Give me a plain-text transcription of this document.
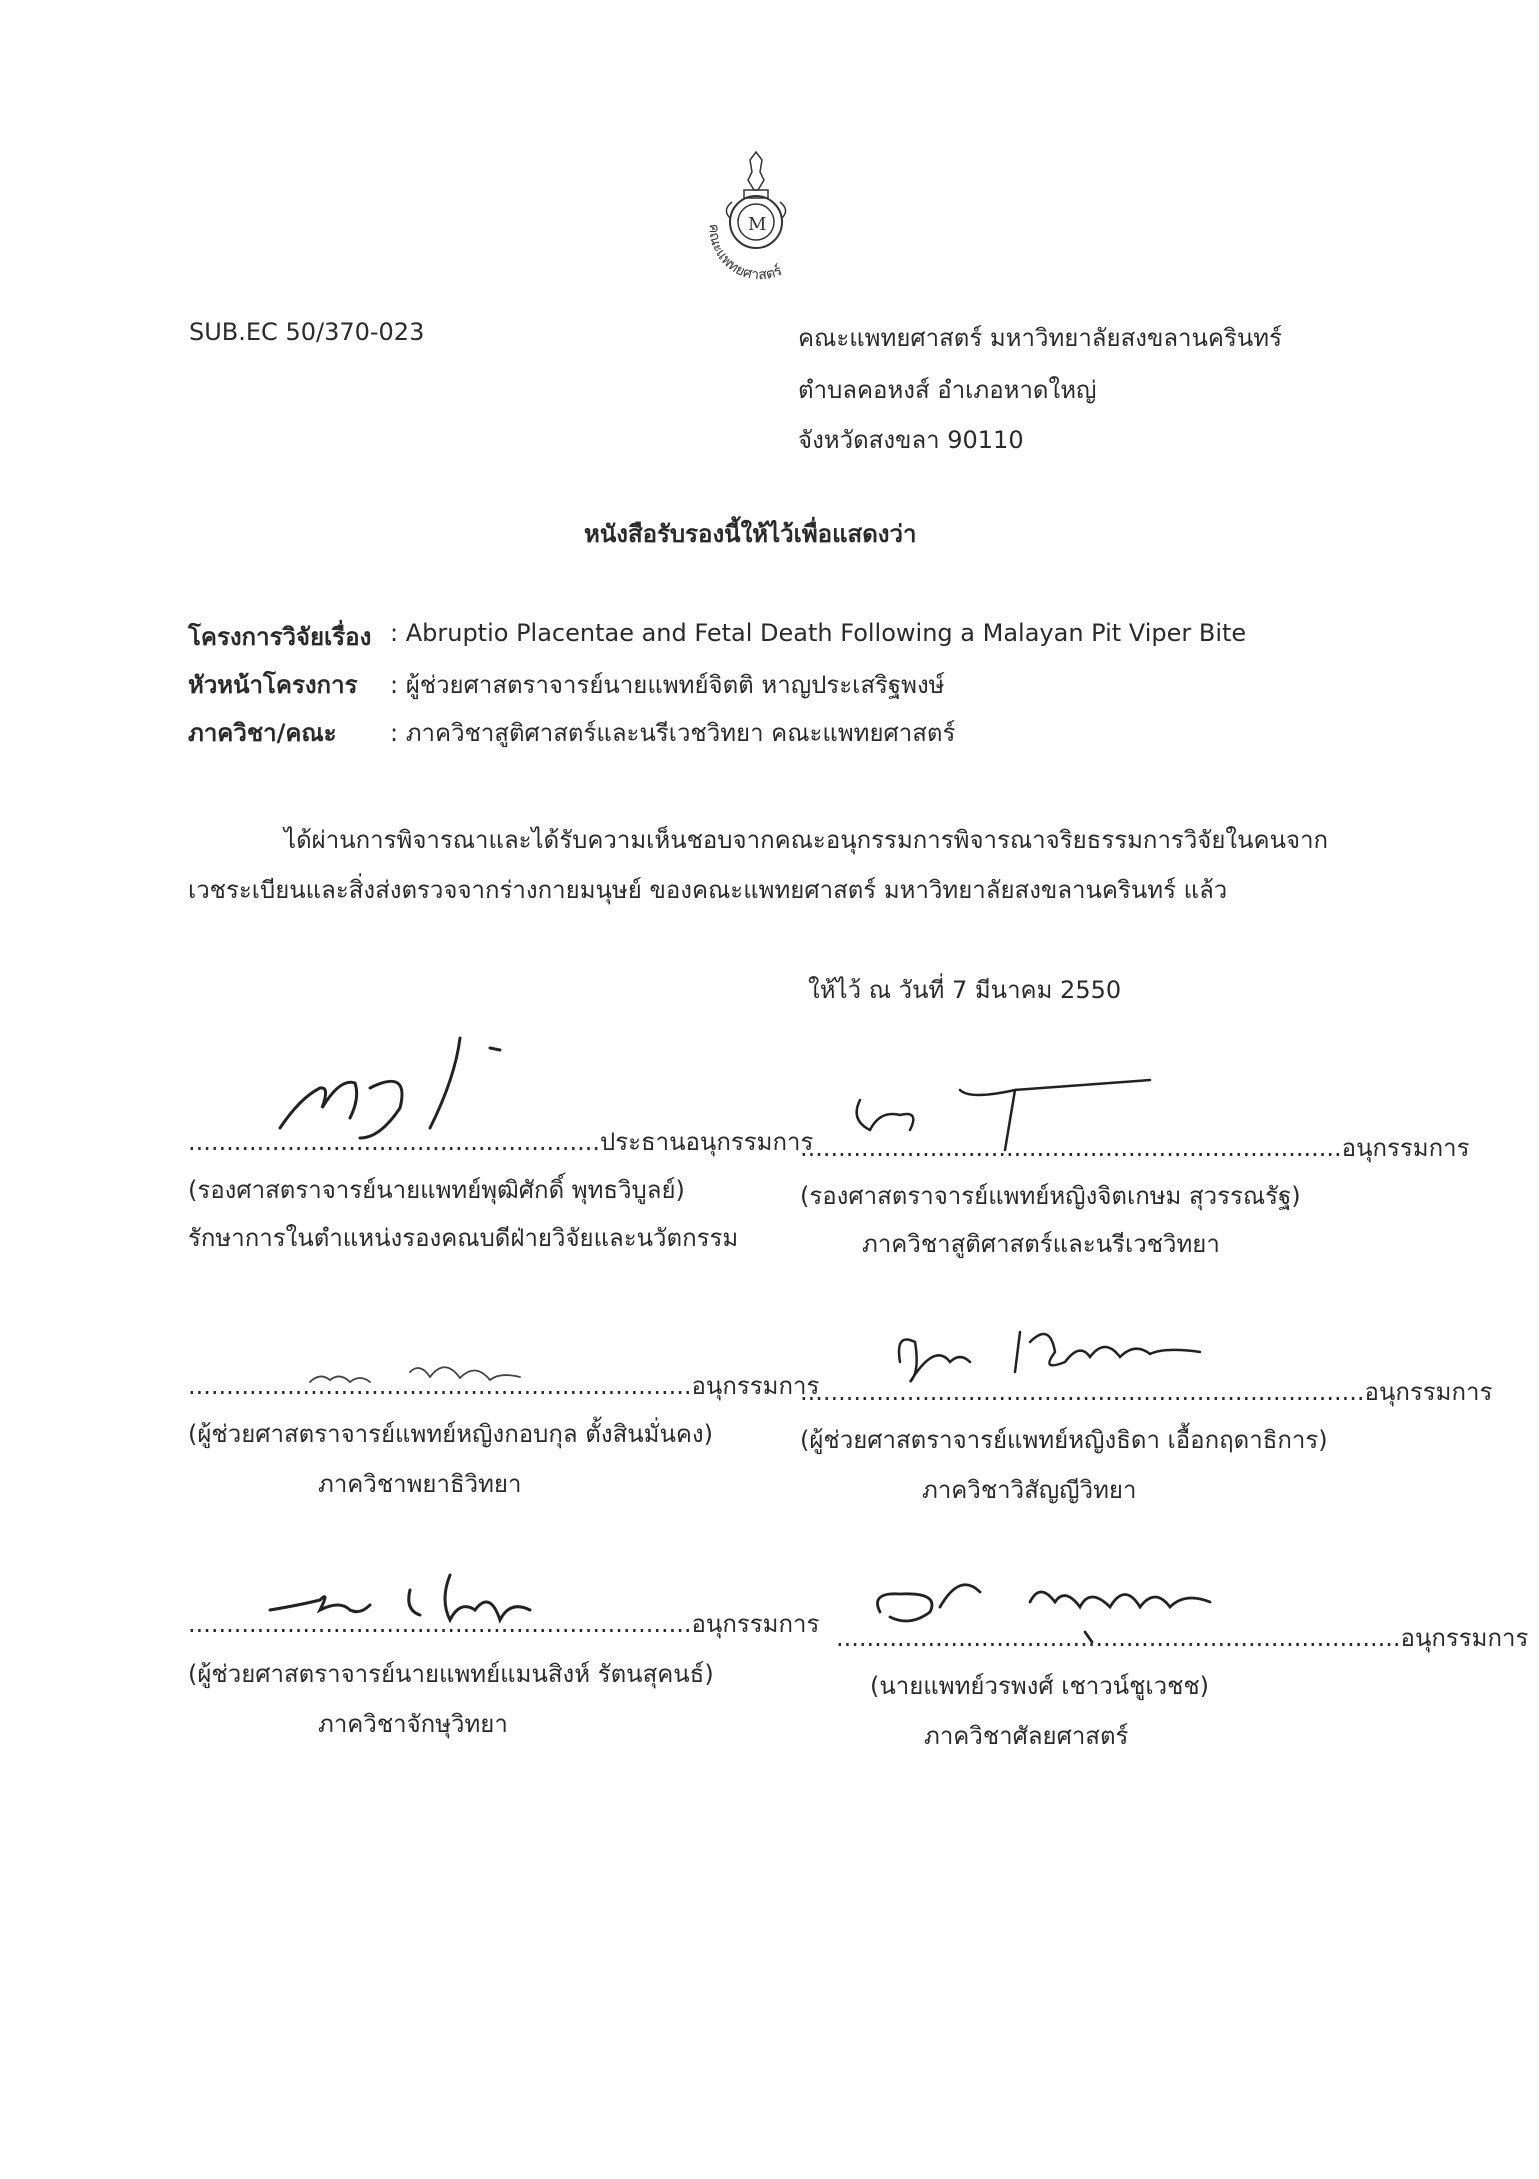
M
คณะแพทยศาสตร์
SUB.EC 50/370-023	คณะแพทยศาสตร์ มหาวิทยาลัยสงขลานครินทร์
ตำบลคอหงส์ อำเภอหาดใหญ่
จังหวัดสงขลา 90110
หนังสือรับรองนี้ให้ไว้เพื่อแสดงว่า
โครงการวิจัยเรื่อง : Abruptio Placentae and Fetal Death Following a Malayan Pit Viper Bite
หัวหน้าโครงการ : ผู้ช่วยศาสตราจารย์นายแพทย์จิตติ หาญประเสริฐพงษ์
ภาควิชา/คณะ : ภาควิชาสูติศาสตร์และนรีเวชวิทยา คณะแพทยศาสตร์
ได้ผ่านการพิจารณาและได้รับความเห็นชอบจากคณะอนุกรรมการพิจารณาจริยธรรมการวิจัยในคนจาก
เวชระเบียนและสิ่งส่งตรวจจากร่างกายมนุษย์ ของคณะแพทยศาสตร์ มหาวิทยาลัยสงขลานครินทร์ แล้ว
ให้ไว้ ณ วันที่ 7 มีนาคม 2550
......................................................ประธานอนุกรรมการ
(รองศาสตราจารย์นายแพทย์พุฒิศักดิ์ พุทธวิบูลย์)
รักษาการในตำแหน่งรองคณบดีฝ่ายวิจัยและนวัตกรรม
.......................................................................อนุกรรมการ
(รองศาสตราจารย์แพทย์หญิงจิตเกษม สุวรรณรัฐ)
ภาควิชาสูติศาสตร์และนรีเวชวิทยา
..................................................................อนุกรรมการ
(ผู้ช่วยศาสตราจารย์แพทย์หญิงกอบกุล ตั้งสินมั่นคง)
ภาควิชาพยาธิวิทยา
..........................................................................อนุกรรมการ
(ผู้ช่วยศาสตราจารย์แพทย์หญิงธิดา เอื้อกฤดาธิการ)
ภาควิชาวิสัญญีวิทยา
..................................................................อนุกรรมการ
(ผู้ช่วยศาสตราจารย์นายแพทย์แมนสิงห์ รัตนสุคนธ์)
ภาควิชาจักษุวิทยา
..........................................................................อนุกรรมการ
(นายแพทย์วรพงศ์ เชาวน์ชูเวชช)
ภาควิชาศัลยศาสตร์
